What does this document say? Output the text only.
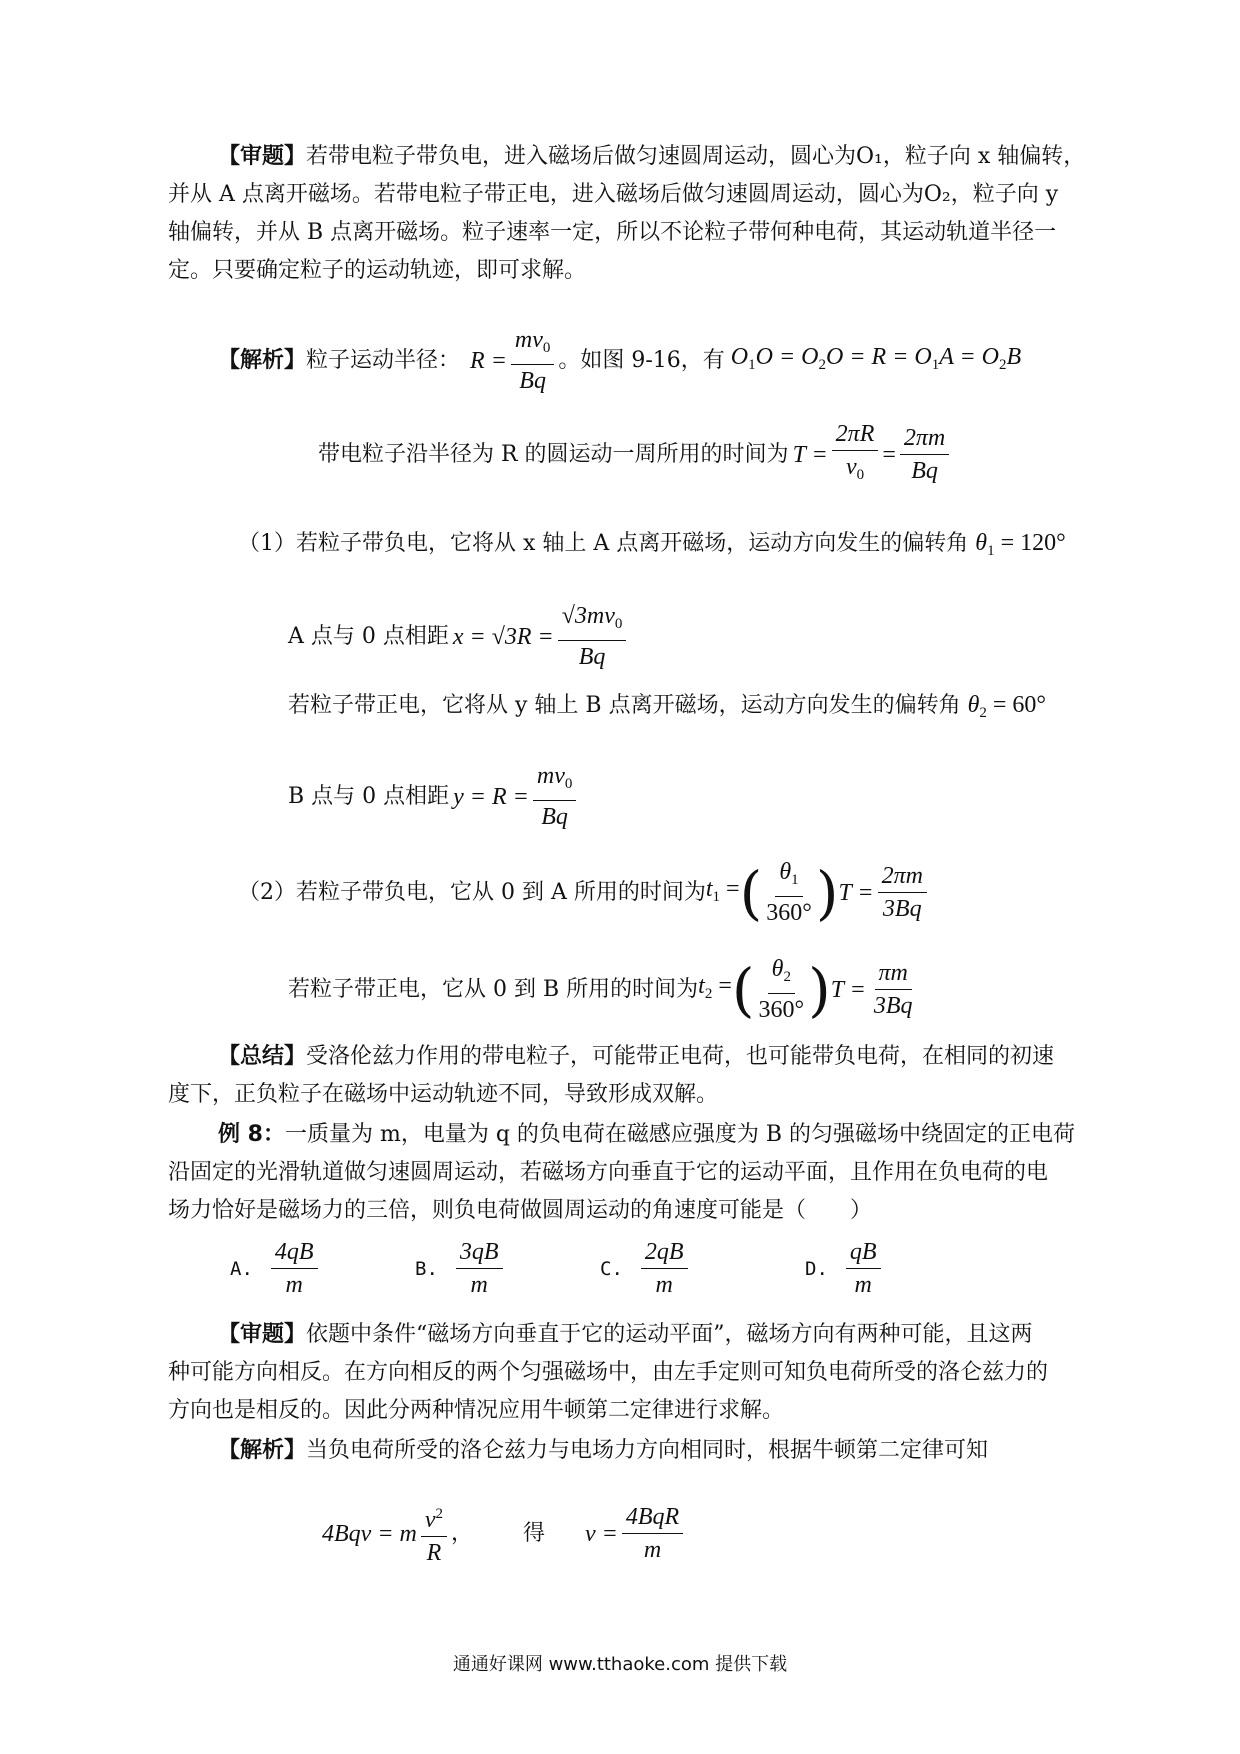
【审题】若带电粒子带负电，进入磁场后做匀速圆周运动，圆心为O₁，粒子向 x 轴偏转，
并从 A 点离开磁场。若带电粒子带正电，进入磁场后做匀速圆周运动，圆心为O₂，粒子向 y
轴偏转，并从 B 点离开磁场。粒子速率一定，所以不论粒子带何种电荷，其运动轨道半径一
定。只要确定粒子的运动轨迹，即可求解。
【解析】 粒子运动半径： $R = \frac{mv_0}{Bq}$ 。如图 9-16，有 $O_1O = O_2O = R = O_1A = O_2B$
带电粒子沿半径为 R 的圆运动一周所用的时间为 $T = \frac{2\pi R}{v_0} = \frac{2\pi m}{Bq}$
（1）若粒子带负电，它将从 x 轴上 A 点离开磁场，运动方向发生的偏转角 $\theta_1 = 120^\circ$
A 点与 0 点相距 $x = √3R = \frac{√3mv_0}{Bq}$
若粒子带正电，它将从 y 轴上 B 点离开磁场，运动方向发生的偏转角 $\theta_2 = 60^\circ$
B 点与 0 点相距 $y = R = \frac{mv_0}{Bq}$
（2）若粒子带负电，它从 0 到 A 所用的时间为 $t_1$ = ( $\frac{\theta_1}{360^\circ}$ ) $T = \frac{2\pi m}{3Bq}$
若粒子带正电，它从 0 到 B 所用的时间为 $t_2$ = ( $\frac{\theta_2}{360^\circ}$ ) $T = \frac{\pi m}{3Bq}$
【总结】受洛伦兹力作用的带电粒子，可能带正电荷，也可能带负电荷，在相同的初速
度下，正负粒子在磁场中运动轨迹不同，导致形成双解。
例 8：一质量为 m，电量为 q 的负电荷在磁感应强度为 B 的匀强磁场中绕固定的正电荷
沿固定的光滑轨道做匀速圆周运动，若磁场方向垂直于它的运动平面，且作用在负电荷的电
场力恰好是磁场力的三倍，则负电荷做圆周运动的角速度可能是（　　）
A. $\frac{4qB}{m}$	B. $\frac{3qB}{m}$	C. $\frac{2qB}{m}$	D. $\frac{qB}{m}$
【审题】依题中条件“磁场方向垂直于它的运动平面”，磁场方向有两种可能，且这两
种可能方向相反。在方向相反的两个匀强磁场中，由左手定则可知负电荷所受的洛仑兹力的
方向也是相反的。因此分两种情况应用牛顿第二定律进行求解。
【解析】当负电荷所受的洛仑兹力与电场力方向相同时，根据牛顿第二定律可知
4Bqv = m $\frac{v^2}{R}$ ， 得 $v = \frac{\text{4BqR}}{m}$
通通好课网 www.tthaoke.com 提供下载
